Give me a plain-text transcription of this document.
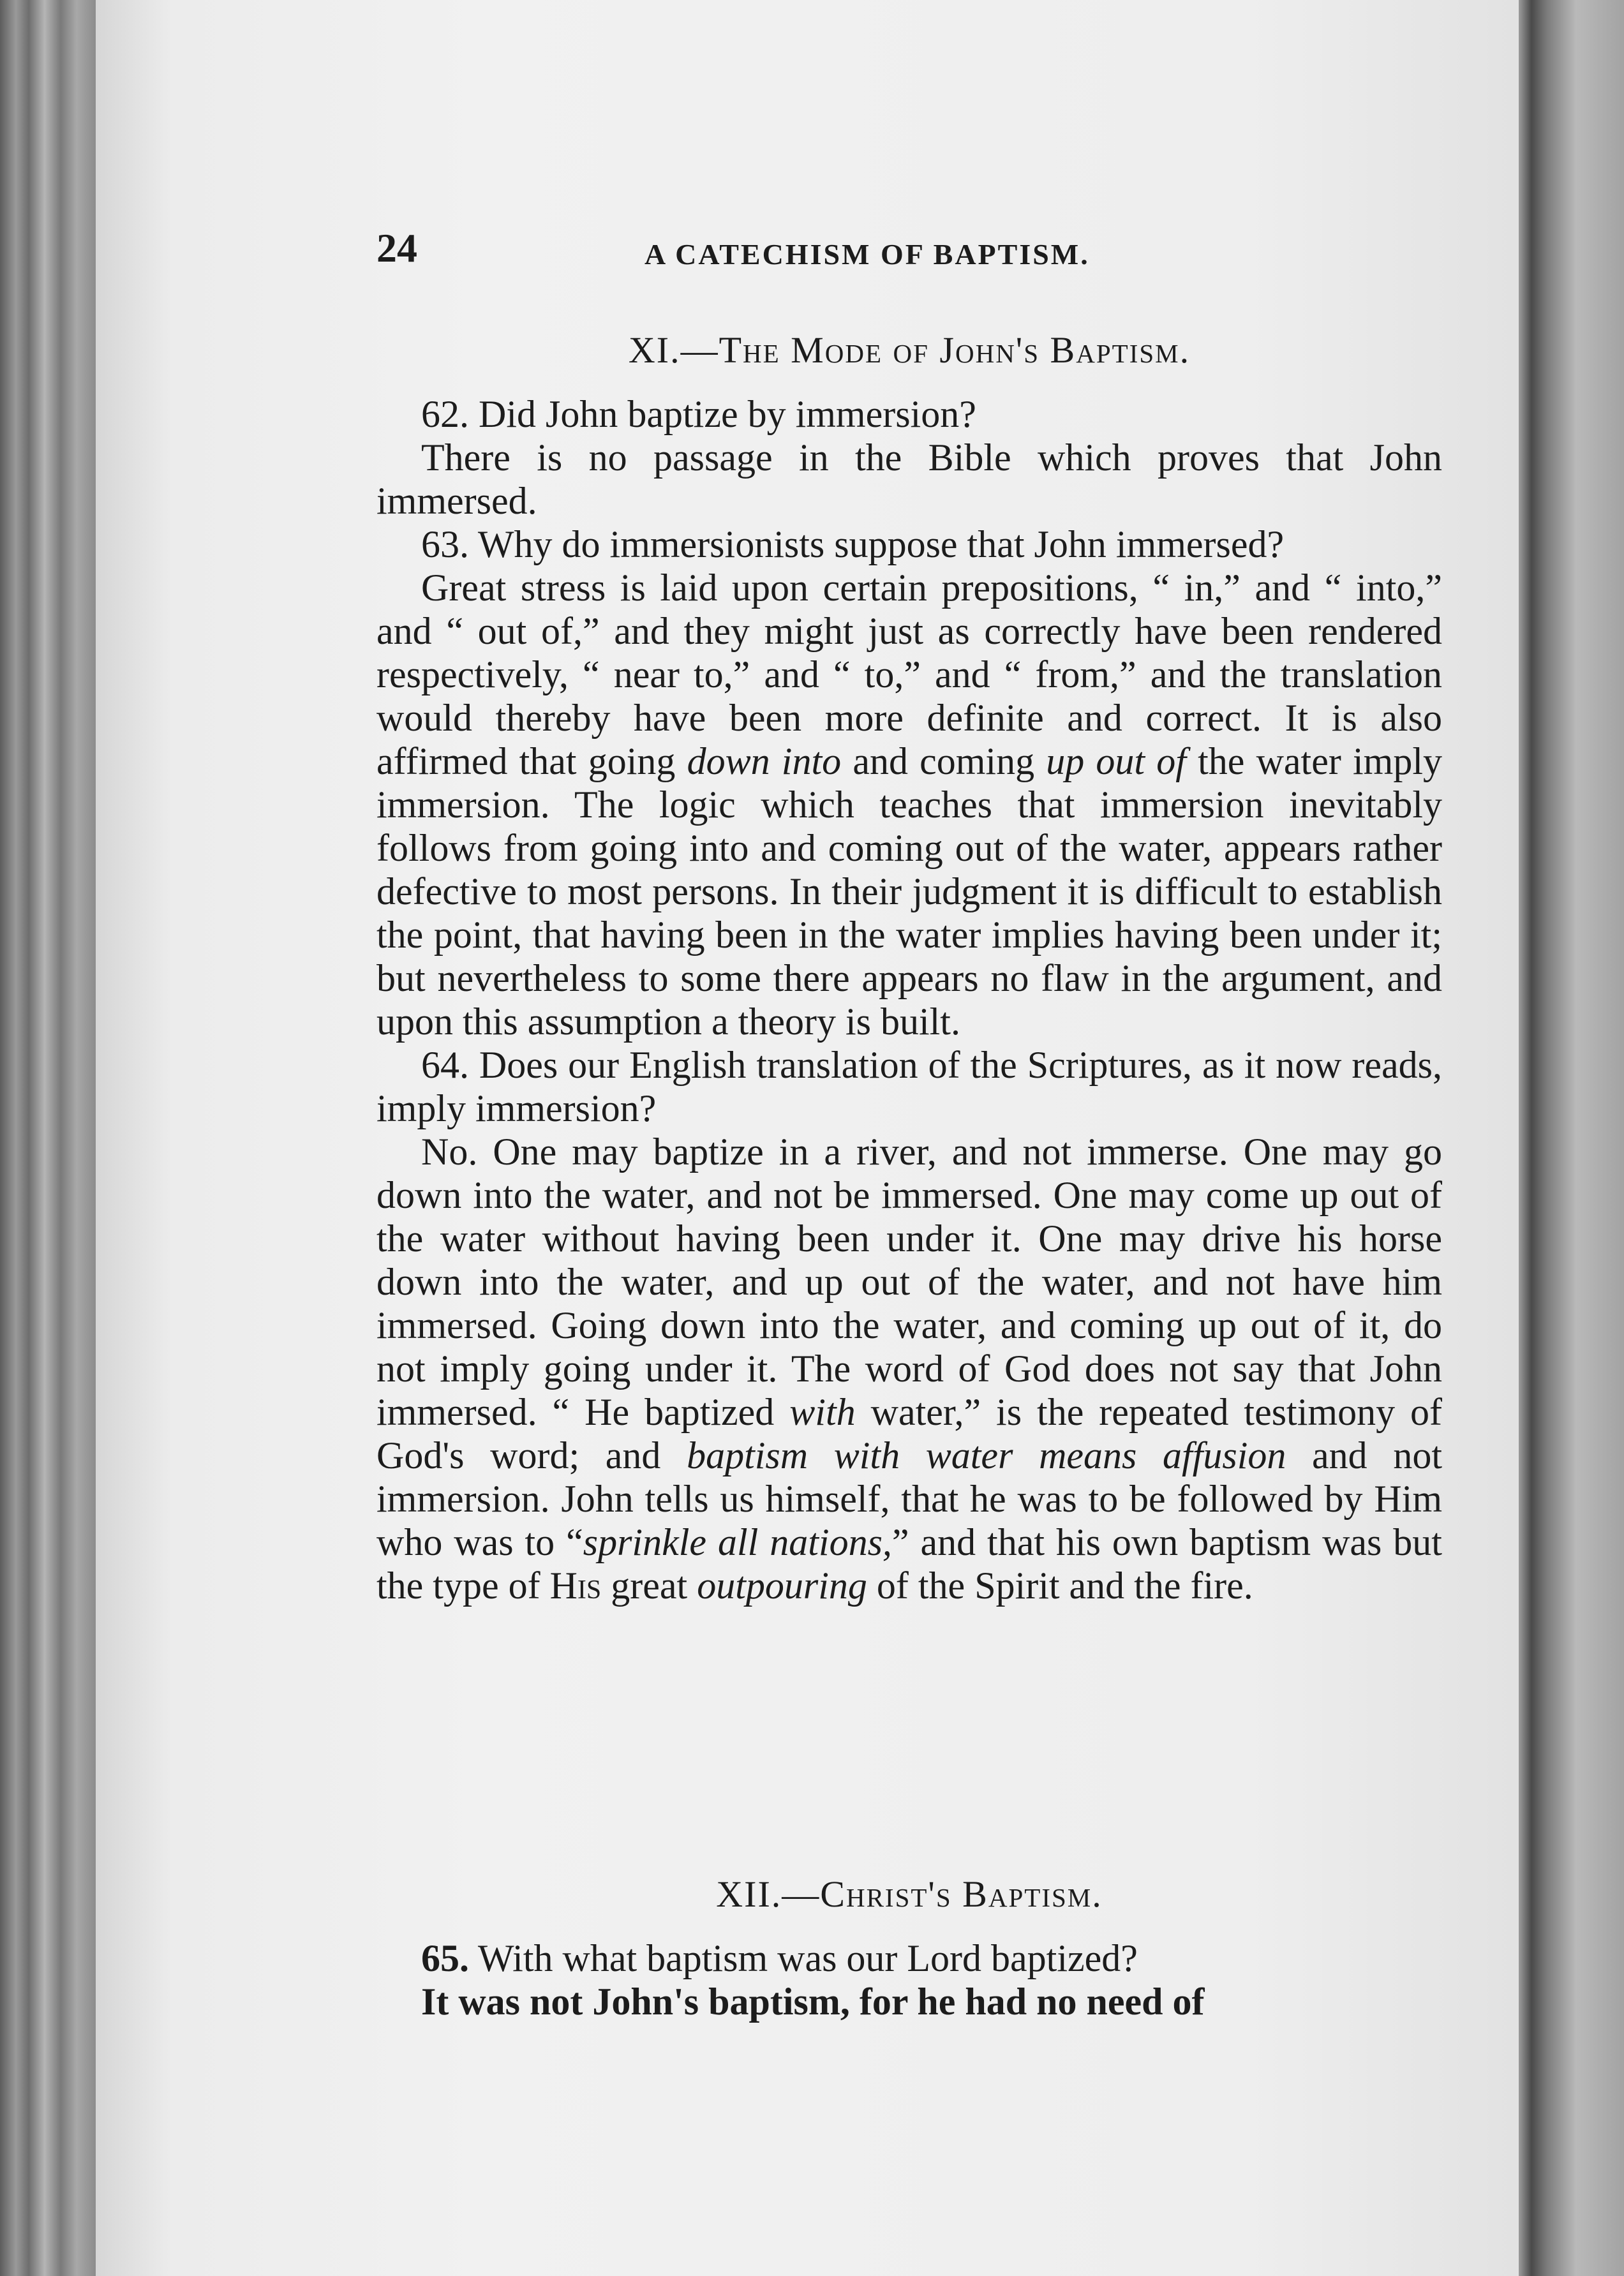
24	A CATECHISM OF BAPTISM.

XI.—The Mode of John's Baptism.

62. Did John baptize by immersion?

There is no passage in the Bible which proves that John immersed.

63. Why do immersionists suppose that John immersed?

Great stress is laid upon certain prepositions, “ in,” and “ into,” and “ out of,” and they might just as correctly have been rendered respectively, “ near to,” and “ to,” and “ from,” and the translation would thereby have been more definite and correct. It is also affirmed that going down into and coming up out of the water imply immersion. The logic which teaches that immersion inevitably follows from going into and coming out of the water, appears rather defective to most persons. In their judgment it is difficult to establish the point, that having been in the water implies having been under it; but nevertheless to some there appears no flaw in the argument, and upon this assumption a theory is built.

64. Does our English translation of the Scriptures, as it now reads, imply immersion?

No. One may baptize in a river, and not immerse. One may go down into the water, and not be immersed. One may come up out of the water without having been under it. One may drive his horse down into the water, and up out of the water, and not have him immersed. Going down into the water, and coming up out of it, do not imply going under it. The word of God does not say that John immersed. “ He baptized with water,” is the repeated testimony of God's word; and baptism with water means affusion and not immersion. John tells us himself, that he was to be followed by Him who was to “sprinkle all nations,” and that his own baptism was but the type of His great outpouring of the Spirit and the fire.

XII.—Christ's Baptism.

65. With what baptism was our Lord baptized?

It was not John's baptism, for he had no need of
